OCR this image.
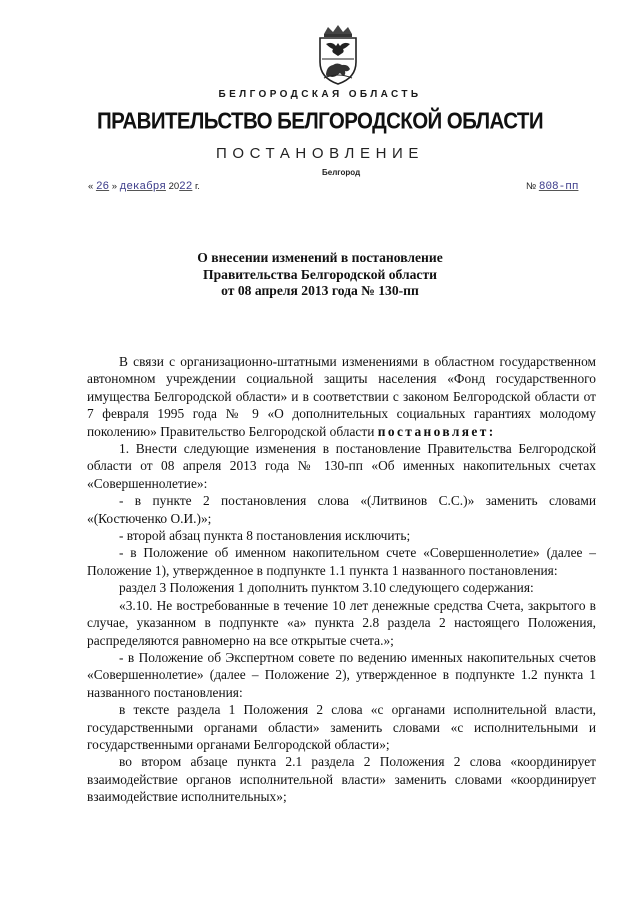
БЕЛГОРОДСКАЯ ОБЛАСТЬ
ПРАВИТЕЛЬСТВО БЕЛГОРОДСКОЙ ОБЛАСТИ
ПОСТАНОВЛЕНИЕ
Белгород
« 26 » декабря 2022 г.	№ 808-пп
О внесении изменений в постановление
Правительства Белгородской области
от 08 апреля 2013 года № 130-пп

В связи с организационно-штатными изменениями в областном государственном автономном учреждении социальной защиты населения «Фонд государственного имущества Белгородской области» и в соответствии с законом Белгородской области от 7 февраля 1995 года № 9 «О дополнительных социальных гарантиях молодому поколению» Правительство Белгородской области постановляет:

1. Внести следующие изменения в постановление Правительства Белгородской области от 08 апреля 2013 года № 130-пп «Об именных накопительных счетах «Совершеннолетие»:

- в пункте 2 постановления слова «(Литвинов С.С.)» заменить словами «(Костюченко О.И.)»;

- второй абзац пункта 8 постановления исключить;

- в Положение об именном накопительном счете «Совершеннолетие» (далее – Положение 1), утвержденное в подпункте 1.1 пункта 1 названного постановления:

раздел 3 Положения 1 дополнить пунктом 3.10 следующего содержания:

«3.10. Не востребованные в течение 10 лет денежные средства Счета, закрытого в случае, указанном в подпункте «а» пункта 2.8 раздела 2 настоящего Положения, распределяются равномерно на все открытые счета.»;

- в Положение об Экспертном совете по ведению именных накопительных счетов «Совершеннолетие» (далее – Положение 2), утвержденное в подпункте 1.2 пункта 1 названного постановления:

в тексте раздела 1 Положения 2 слова «с органами исполнительной власти, государственными органами области» заменить словами «с исполнительными и государственными органами Белгородской области»;

во втором абзаце пункта 2.1 раздела 2 Положения 2 слова «координирует взаимодействие органов исполнительной власти» заменить словами «координирует взаимодействие исполнительных»;
